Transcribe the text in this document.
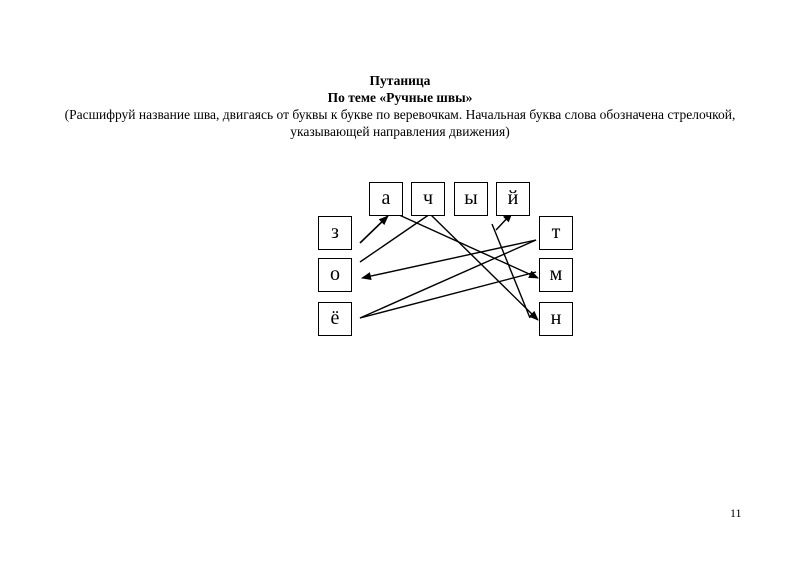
Путаница
По теме «Ручные швы»
(Расшифруй название шва, двигаясь от буквы к букве по веревочкам. Начальная буква слова обозначена стрелочкой,
указывающей направления движения)
а	ч	ы	й
з
о
ё
т
м
н
11
